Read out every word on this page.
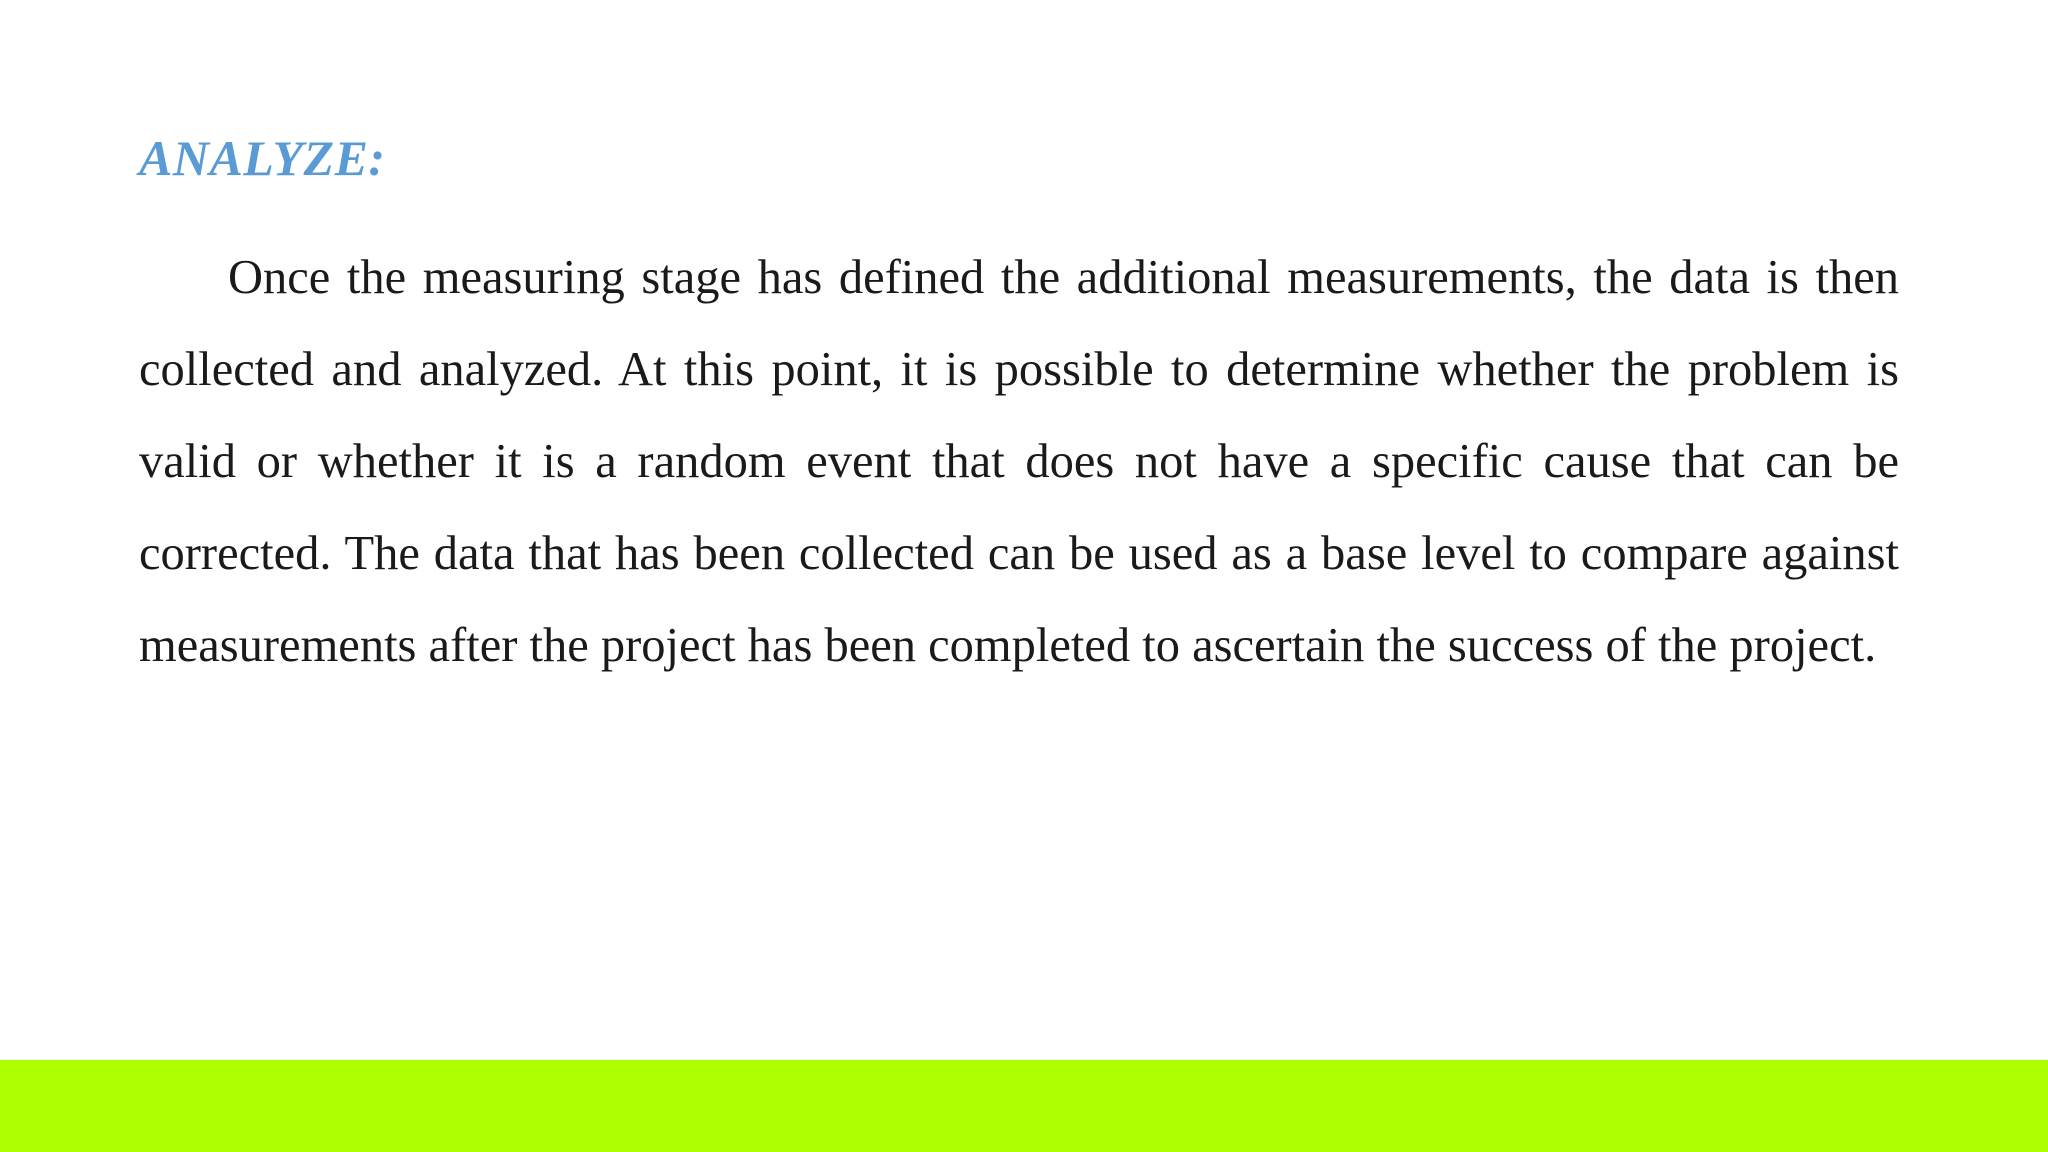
ANALYZE:

Once the measuring stage has defined the additional measurements, the data is then collected and analyzed. At this point, it is possible to determine whether the problem is valid or whether it is a random event that does not have a specific cause that can be corrected. The data that has been collected can be used as a base level to compare against measurements after the project has been completed to ascertain the success of the project.
